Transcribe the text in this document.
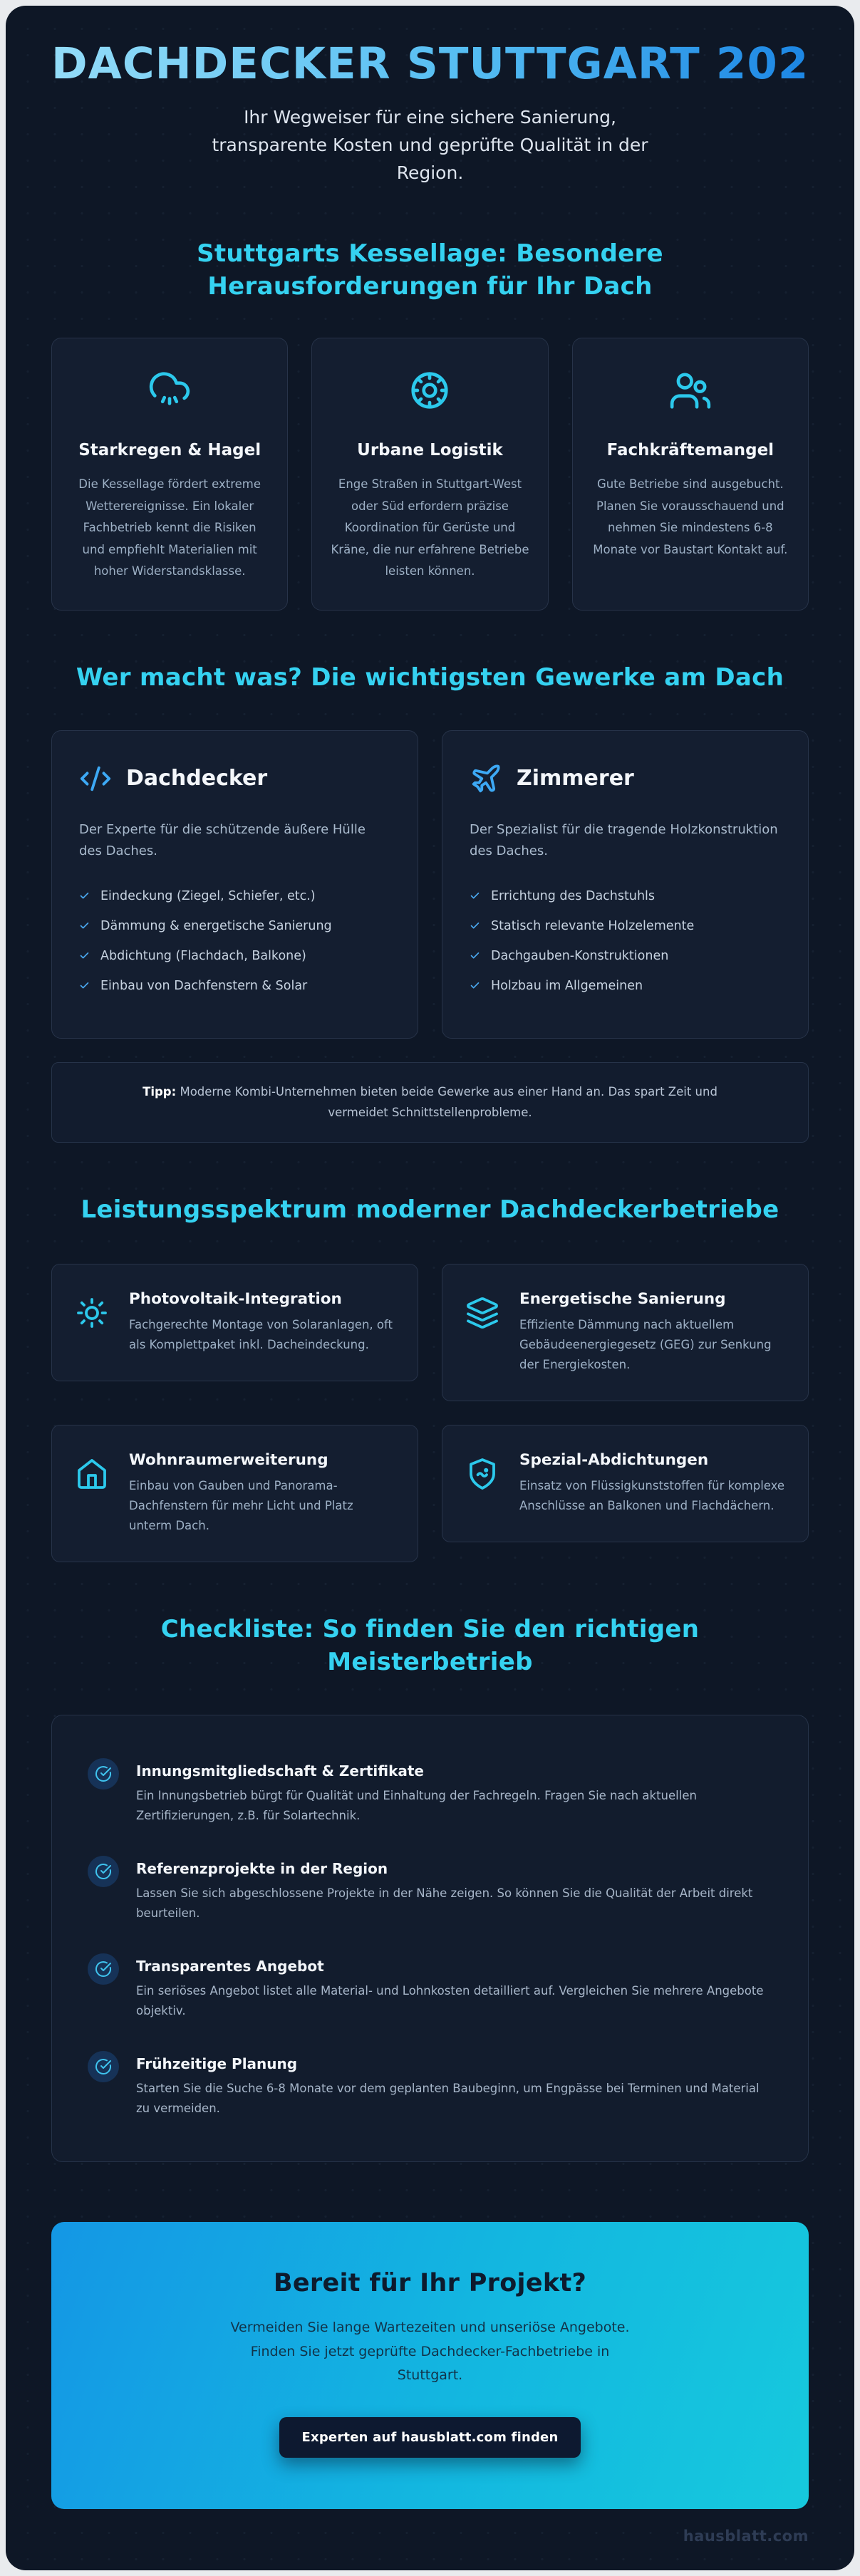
DACHDECKER STUTTGART 2026

Ihr Wegweiser für eine sichere Sanierung, transparente Kosten und geprüfte Qualität in der Region.

Stuttgarts Kessellage: Besondere Herausforderungen für Ihr Dach
Starkregen & Hagel

Die Kessellage fördert extreme Wetterereignisse. Ein lokaler Fachbetrieb kennt die Risiken und empfiehlt Materialien mit hoher Widerstandsklasse.

Urbane Logistik

Enge Straßen in Stuttgart-West oder Süd erfordern präzise Koordination für Gerüste und Kräne, die nur erfahrene Betriebe leisten können.

Fachkräftemangel

Gute Betriebe sind ausgebucht. Planen Sie vorausschauend und nehmen Sie mindestens 6-8 Monate vor Baustart Kontakt auf.

Wer macht was? Die wichtigsten Gewerke am Dach
Dachdecker

Der Experte für die schützende äußere Hülle des Daches.

Eindeckung (Ziegel, Schiefer, etc.)
Dämmung & energetische Sanierung
Abdichtung (Flachdach, Balkone)
Einbau von Dachfenstern & Solar
Zimmerer

Der Spezialist für die tragende Holzkonstruktion des Daches.

Errichtung des Dachstuhls
Statisch relevante Holzelemente
Dachgauben-Konstruktionen
Holzbau im Allgemeinen
Tipp: Moderne Kombi-Unternehmen bieten beide Gewerke aus einer Hand an. Das spart Zeit und vermeidet Schnittstellenprobleme.
Leistungsspektrum moderner Dachdeckerbetriebe
Photovoltaik-Integration

Fachgerechte Montage von Solaranlagen, oft als Komplettpaket inkl. Dacheindeckung.

Energetische Sanierung

Effiziente Dämmung nach aktuellem Gebäudeenergiegesetz (GEG) zur Senkung der Energiekosten.

Wohnraumerweiterung

Einbau von Gauben und Panorama-Dachfenstern für mehr Licht und Platz unterm Dach.

Spezial-Abdichtungen

Einsatz von Flüssigkunststoffen für komplexe Anschlüsse an Balkonen und Flachdächern.

Checkliste: So finden Sie den richtigen Meisterbetrieb
Innungsmitgliedschaft & Zertifikate

Ein Innungsbetrieb bürgt für Qualität und Einhaltung der Fachregeln. Fragen Sie nach aktuellen Zertifizierungen, z.B. für Solartechnik.

Referenzprojekte in der Region

Lassen Sie sich abgeschlossene Projekte in der Nähe zeigen. So können Sie die Qualität der Arbeit direkt beurteilen.

Transparentes Angebot

Ein seriöses Angebot listet alle Material- und Lohnkosten detailliert auf. Vergleichen Sie mehrere Angebote objektiv.

Frühzeitige Planung

Starten Sie die Suche 6-8 Monate vor dem geplanten Baubeginn, um Engpässe bei Terminen und Material zu vermeiden.

Bereit für Ihr Projekt?

Vermeiden Sie lange Wartezeiten und unseriöse Angebote. Finden Sie jetzt geprüfte Dachdecker-Fachbetriebe in Stuttgart.

Experten auf hausblatt.com finden
hausblatt.com
